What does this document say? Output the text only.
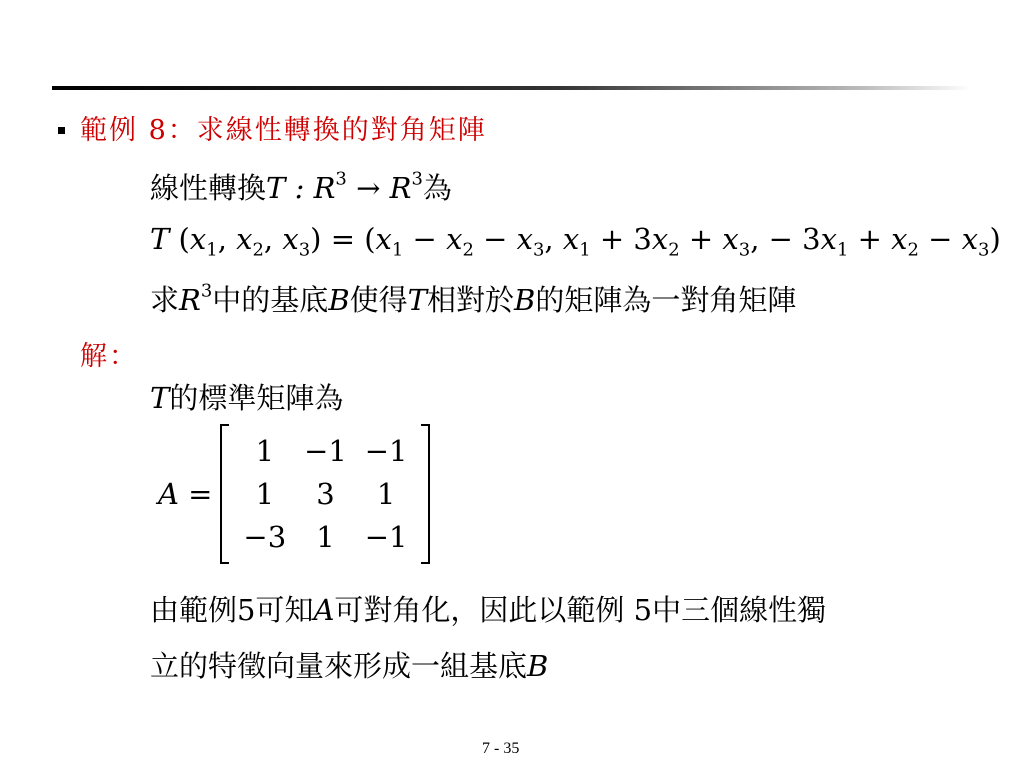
範例 8：求線性轉換的對角矩陣
線性轉換T : $R^3 \to R^3$為
T ($x_1$, $x_2$, $x_3) = (x_1 - x_2 - x_3$, $x_1 + 3x_2 + x_3$, − $3x_1 + x_2 - x_3$)
求$R^3$中的基底B使得T相對於B的矩陣為一對角矩陣
解：
T的標準矩陣為
A =
1	−1 −1
1	3	1
−3	1	−1
由範例5可知A可對角化，因此以範例 5中三個線性獨
立的特徵向量來形成一組基底B
7 - 35
